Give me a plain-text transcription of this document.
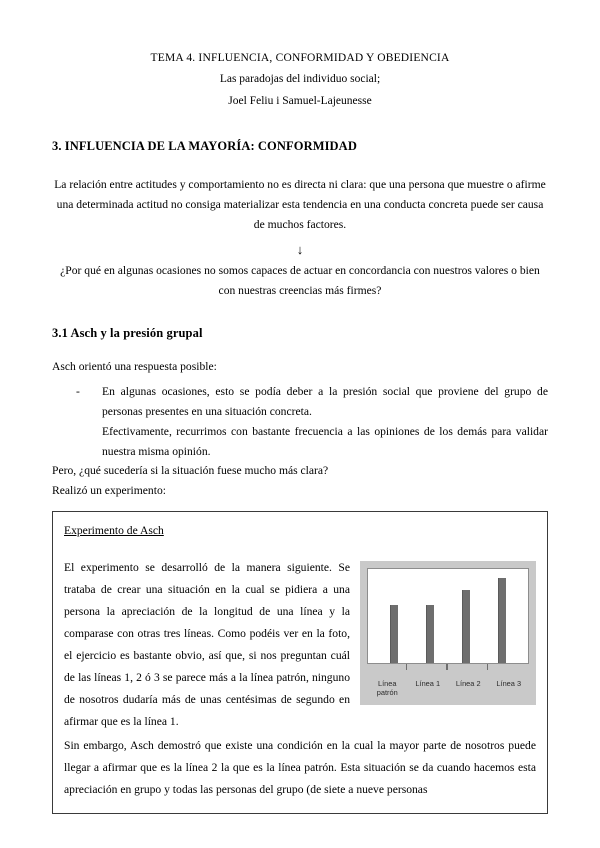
TEMA 4. INFLUENCIA, CONFORMIDAD Y OBEDIENCIA
Las paradojas del individuo social;
Joel Feliu i Samuel-Lajeunesse
3. INFLUENCIA DE LA MAYORÍA: CONFORMIDAD

La relación entre actitudes y comportamiento no es directa ni clara: que una persona que muestre o afirme una determinada actitud no consiga materializar esta tendencia en una conducta concreta puede ser causa de muchos factores.

↓

¿Por qué en algunas ocasiones no somos capaces de actuar en concordancia con nuestros valores o bien con nuestras creencias más firmes?

3.1 Asch y la presión grupal

Asch orientó una respuesta posible:

-	En algunas ocasiones, esto se podía deber a la presión social que proviene del grupo de personas presentes en una situación concreta.
Efectivamente, recurrimos con bastante frecuencia a las opiniones de los demás para validar nuestra misma opinión.

Pero, ¿qué sucedería si la situación fuese mucho más clara?

Realizó un experimento:

Experimento de Asch
El experimento se desarrolló de la manera siguiente. Se trataba de crear una situación en la cual se pidiera a una persona la apreciación de la longitud de una línea y la comparase con otras tres líneas. Como podéis ver en la foto, el ejercicio es bastante obvio, así que, si nos preguntan cuál de las líneas 1, 2 ó 3 se parece más a la línea patrón, ninguno de nosotros dudaría más de unas centésimas de segundo en afirmar que es la línea 1.
Línea
patrón
Línea 1	Línea 2	Línea 3
Sin embargo, Asch demostró que existe una condición en la cual la mayor parte de nosotros puede llegar a afirmar que es la línea 2 la que es la línea patrón. Esta situación se da cuando hacemos esta apreciación en grupo y todas las personas del grupo (de siete a nueve personas
